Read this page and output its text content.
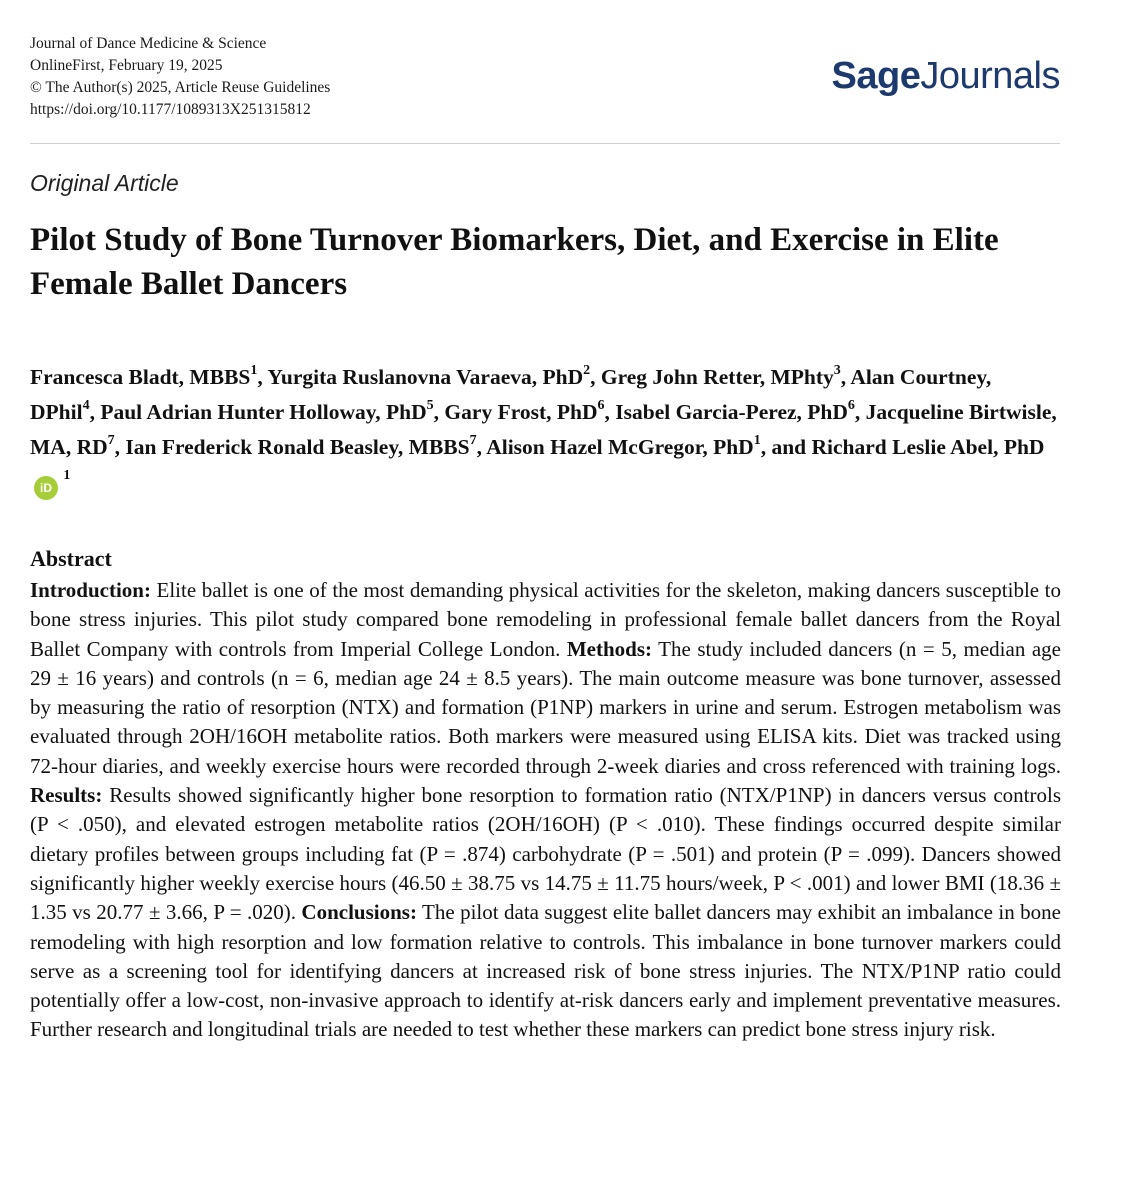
Journal of Dance Medicine & Science
OnlineFirst, February 19, 2025
© The Author(s) 2025, Article Reuse Guidelines
https://doi.org/10.1177/1089313X251315812
SageJournals
Original Article
Pilot Study of Bone Turnover Biomarkers, Diet, and Exercise in Elite Female Ballet Dancers

Francesca Bladt, MBBS$^1$, Yurgita Ruslanovna Varaeva, PhD$^2$, Greg John Retter, MPhty$^3$, Alan Courtney, DPhil$^4$, Paul Adrian Hunter Holloway, PhD$^5$, Gary Frost, PhD$^6$, Isabel Garcia-Perez, PhD$^6$, Jacqueline Birtwisle, MA, $RD^7$, Ian Frederick Ronald Beasley, MBBS$^7$, Alison Hazel McGregor, PhD$^1$, and Richard Leslie Abel, PhD iD $^1$

Abstract

Introduction: Elite ballet is one of the most demanding physical activities for the skeleton, making dancers susceptible to bone stress injuries. This pilot study compared bone remodeling in professional female ballet dancers from the Royal Ballet Company with controls from Imperial College London. Methods: The study included dancers (n = 5, median age 29 ± 16 years) and controls (n = 6, median age 24 ± 8.5 years). The main outcome measure was bone turnover, assessed by measuring the ratio of resorption (NTX) and formation (P1NP) markers in urine and serum. Estrogen metabolism was evaluated through 2OH/16OH metabolite ratios. Both markers were measured using ELISA kits. Diet was tracked using 72-hour diaries, and weekly exercise hours were recorded through 2-week diaries and cross referenced with training logs. Results: Results showed significantly higher bone resorption to formation ratio (NTX/P1NP) in dancers versus controls (P < .050), and elevated estrogen metabolite ratios (2OH/16OH) (P < .010). These findings occurred despite similar dietary profiles between groups including fat (P = .874) carbohydrate (P = .501) and protein (P = .099). Dancers showed significantly higher weekly exercise hours (46.50 ± 38.75 vs 14.75 ± 11.75 hours/week, P < .001) and lower BMI (18.36 ± 1.35 vs 20.77 ± 3.66, P = .020). Conclusions: The pilot data suggest elite ballet dancers may exhibit an imbalance in bone remodeling with high resorption and low formation relative to controls. This imbalance in bone turnover markers could serve as a screening tool for identifying dancers at increased risk of bone stress injuries. The NTX/P1NP ratio could potentially offer a low-cost, non-invasive approach to identify at-risk dancers early and implement preventative measures. Further research and longitudinal trials are needed to test whether these markers can predict bone stress injury risk.
